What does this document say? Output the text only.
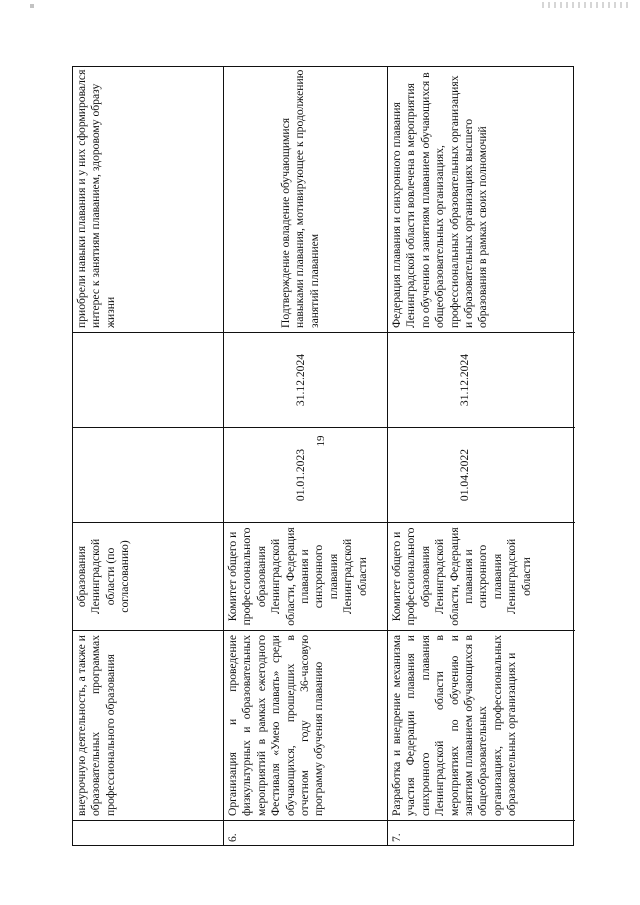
19
внеурочную деятельность, а также и образовательных программах профессионального образования
образования Ленинградской области (по согласованию)
приобрели навыки плавания и у них сформировался интерес к занятиям плаванием, здоровому образу жизни
6.
Организация и проведение физкультурных и образовательных мероприятий в рамках ежегодного Фестиваля «Умею плавать» среди обучающихся, прошедших в отчетном году 36-часовую программу обучения плаванию
Комитет общего и профессионального образования Ленинградской области, Федерация плавания и синхронного плавания Ленинградской области
01.01.2023
31.12.2024
Подтверждение овладение обучающимися навыками плавания, мотивирующее к продолжению занятий плаванием
7.
Разработка и внедрение механизма участия Федерации плавания и синхронного плавания Ленинградской области в мероприятиях по обучению и занятиям плаванием обучающихся в общеобразовательных организациях, профессиональных образовательных организациях и
Комитет общего и профессионального образования Ленинградской области, Федерация плавания и синхронного плавания Ленинградской области
01.04.2022
31.12.2024
Федерация плавания и синхронного плавания Ленинградской области вовлечена в мероприятия по обучению и занятиям плаванием обучающихся в общеобразовательных организациях, профессиональных образовательных организациях и образовательных организациях высшего образования в рамках своих полномочий
